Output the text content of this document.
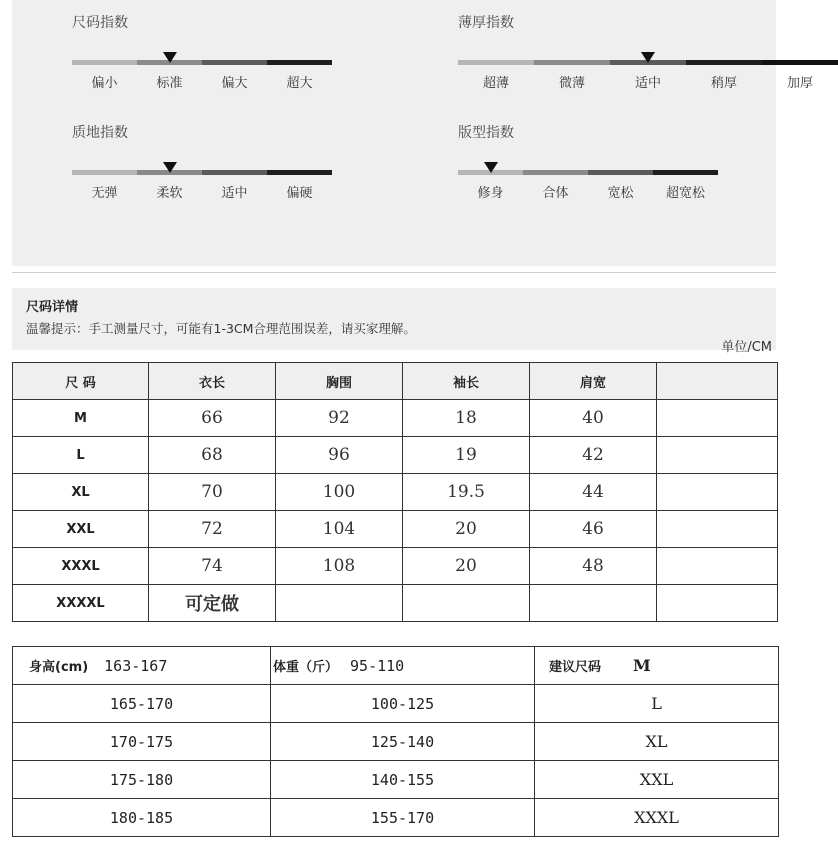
尺码指数
偏小	标准	偏大	超大
薄厚指数
超薄	微薄	适中	稍厚	加厚
质地指数
无弹	柔软	适中	偏硬
版型指数
修身	合体	宽松	超宽松
尺码详情
温馨提示：手工测量尺寸，可能有1-3CM合理范围误差，请买家理解。
单位/CM
尺 码	衣长	胸围	袖长	肩宽	
M	66	92	18	40	
L	68	96	19	42	
XL	70	100	19.5	44	
XXL	72	104	20	46	
XXXL	74	108	20	48	
XXXXL	可定做				
身高(cm) 163-167	体重（斤） 95-110	建议尺码 M

165-170	100-125	L
170-175	125-140	XL
175-180	140-155	XXL
180-185	155-170	XXXL
